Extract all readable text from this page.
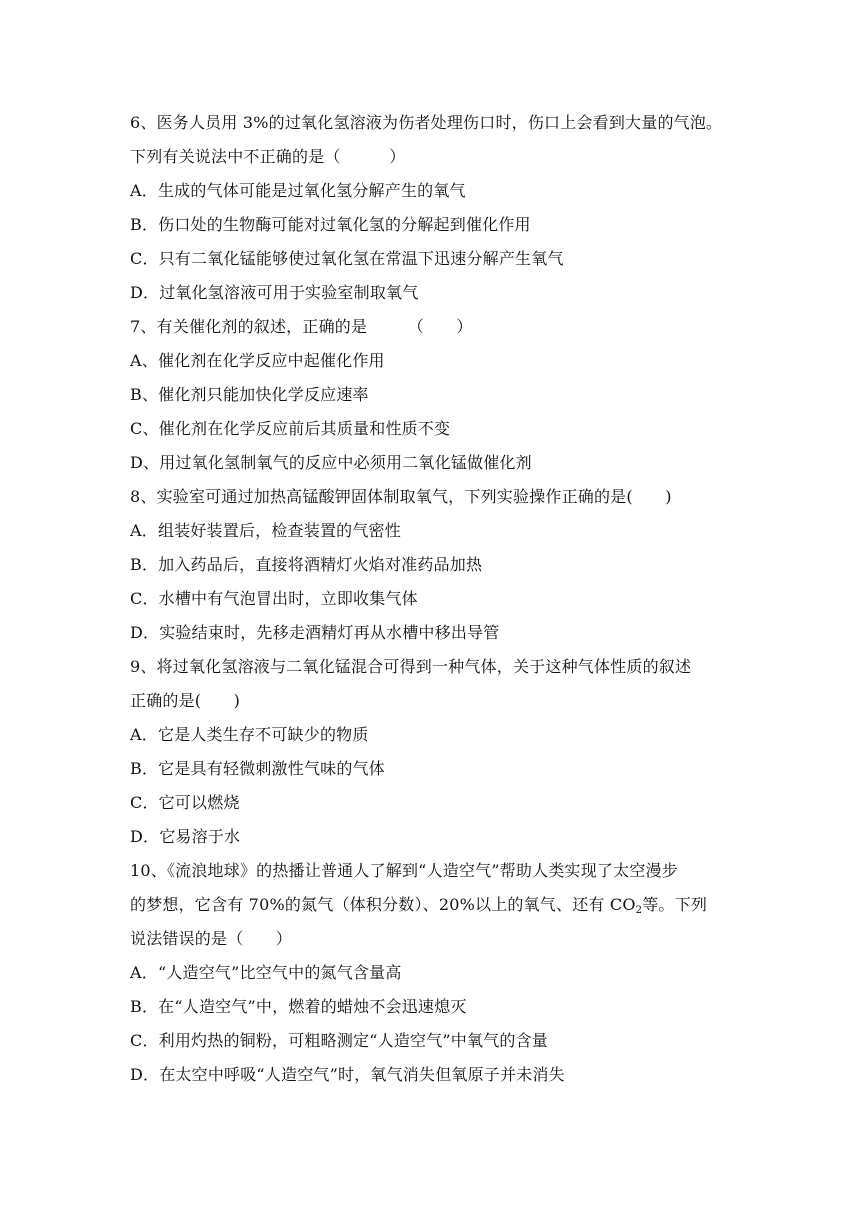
6、医务人员用 3%的过氧化氢溶液为伤者处理伤口时，伤口上会看到大量的气泡。
下列有关说法中不正确的是（　　　）
A．生成的气体可能是过氧化氢分解产生的氧气
B．伤口处的生物酶可能对过氧化氢的分解起到催化作用
C．只有二氧化锰能够使过氧化氢在常温下迅速分解产生氧气
D．过氧化氢溶液可用于实验室制取氧气
7、有关催化剂的叙述，正确的是　　　（　　）
A、催化剂在化学反应中起催化作用
B、催化剂只能加快化学反应速率
C、催化剂在化学反应前后其质量和性质不变
D、用过氧化氢制氧气的反应中必须用二氧化锰做催化剂
8、实验室可通过加热高锰酸钾固体制取氧气，下列实验操作正确的是(　　)
A．组装好装置后，检查装置的气密性
B．加入药品后，直接将酒精灯火焰对准药品加热
C．水槽中有气泡冒出时，立即收集气体
D．实验结束时，先移走酒精灯再从水槽中移出导管
9、将过氧化氢溶液与二氧化锰混合可得到一种气体，关于这种气体性质的叙述
正确的是(　　)
A．它是人类生存不可缺少的物质
B．它是具有轻微刺激性气味的气体
C．它可以燃烧
D．它易溶于水
10、《流浪地球》的热播让普通人了解到“人造空气”帮助人类实现了太空漫步
的梦想，它含有 70%的氮气（体积分数）、20%以上的氧气、还有 $CO_2$等。下列
说法错误的是（　　）
A．“人造空气”比空气中的氮气含量高
B．在“人造空气”中，燃着的蜡烛不会迅速熄灭
C．利用灼热的铜粉，可粗略测定“人造空气”中氧气的含量
D．在太空中呼吸“人造空气”时，氧气消失但氧原子并未消失
